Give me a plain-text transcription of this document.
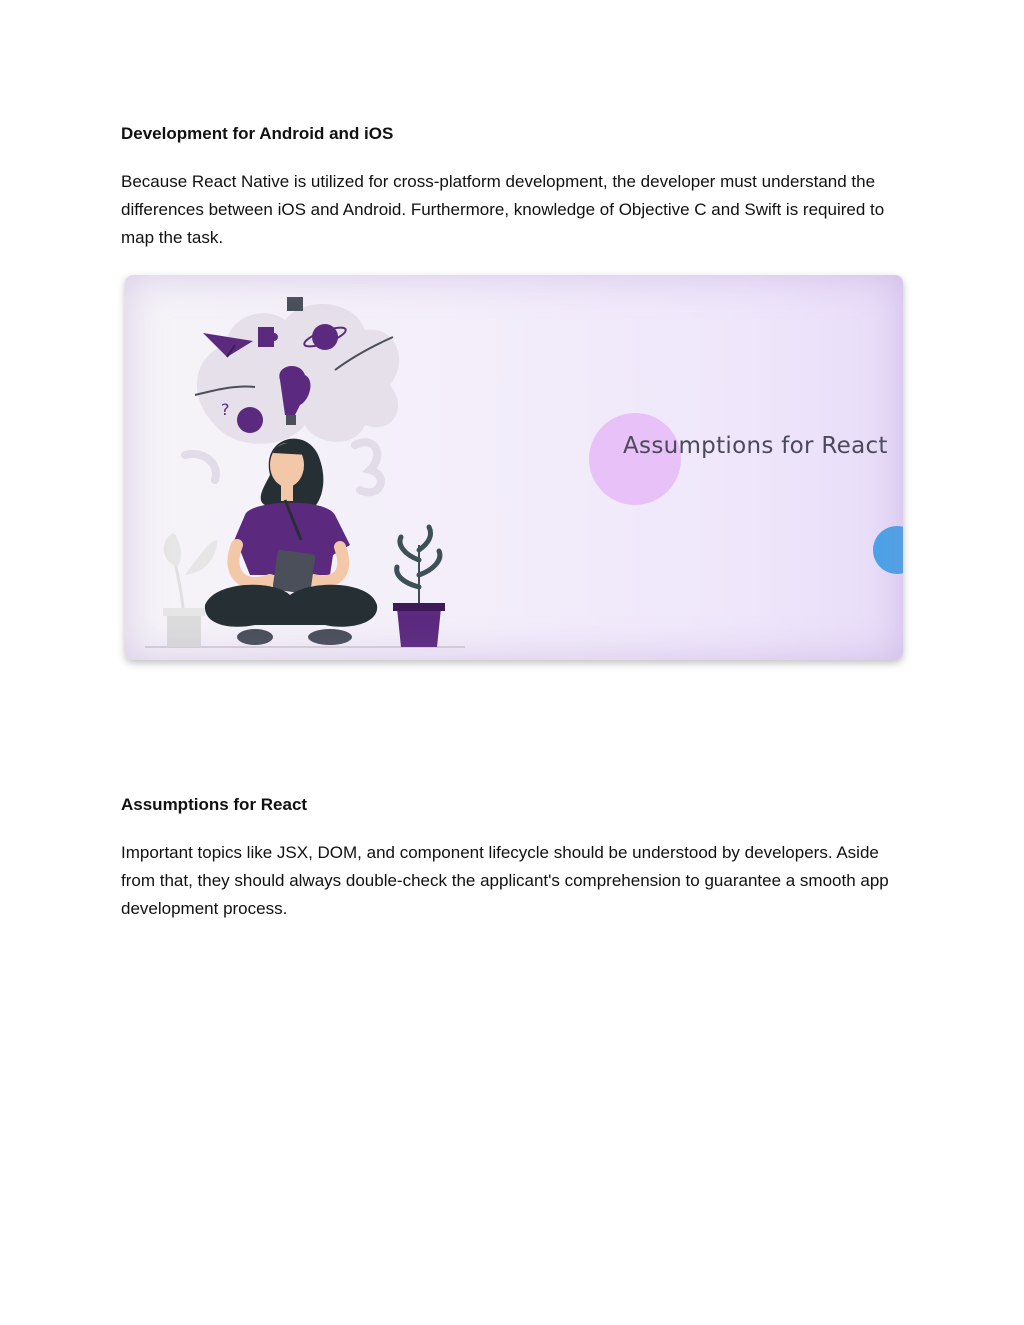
Development for Android and iOS

Because React Native is utilized for cross-platform development, the developer must understand the differences between iOS and Android. Furthermore, knowledge of Objective C and Swift is required to map the task.

?
Assumptions for React
Assumptions for React

Important topics like JSX, DOM, and component lifecycle should be understood by developers. Aside from that, they should always double-check the applicant's comprehension to guarantee a smooth app development process.
